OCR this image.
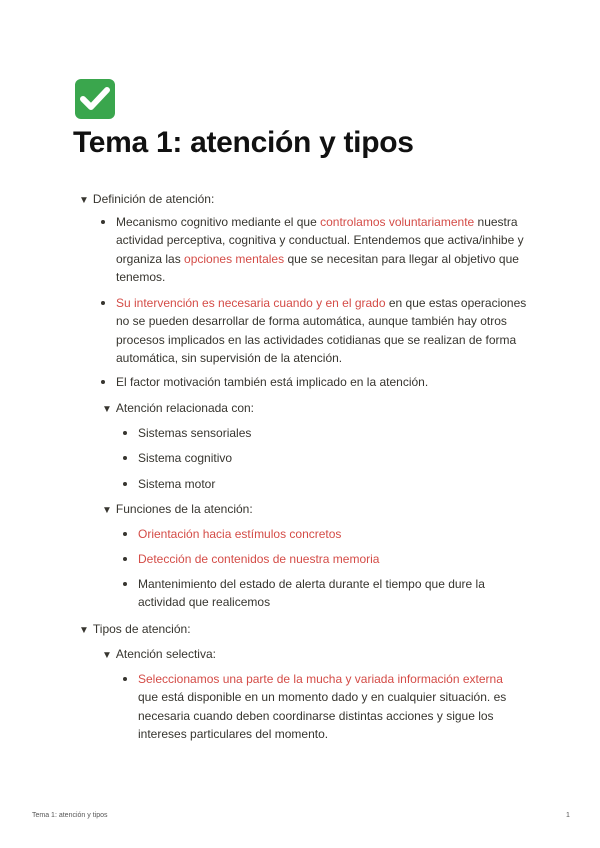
Tema 1: atención y tipos
▼ Definición de atención:
Mecanismo cognitivo mediante el que controlamos voluntariamente nuestra actividad perceptiva, cognitiva y conductual. Entendemos que activa/inhibe y organiza las opciones mentales que se necesitan para llegar al objetivo que tenemos.
Su intervención es necesaria cuando y en el grado en que estas operaciones no se pueden desarrollar de forma automática, aunque también hay otros procesos implicados en las actividades cotidianas que se realizan de forma automática, sin supervisión de la atención.
El factor motivación también está implicado en la atención.
▼ Atención relacionada con:
Sistemas sensoriales
Sistema cognitivo
Sistema motor
▼ Funciones de la atención:
Orientación hacia estímulos concretos
Detección de contenidos de nuestra memoria
Mantenimiento del estado de alerta durante el tiempo que dure la actividad que realicemos
▼ Tipos de atención:
▼ Atención selectiva:
Seleccionamos una parte de la mucha y variada información externa que está disponible en un momento dado y en cualquier situación. es necesaria cuando deben coordinarse distintas acciones y sigue los intereses particulares del momento.
Tema 1: atención y tipos	1
